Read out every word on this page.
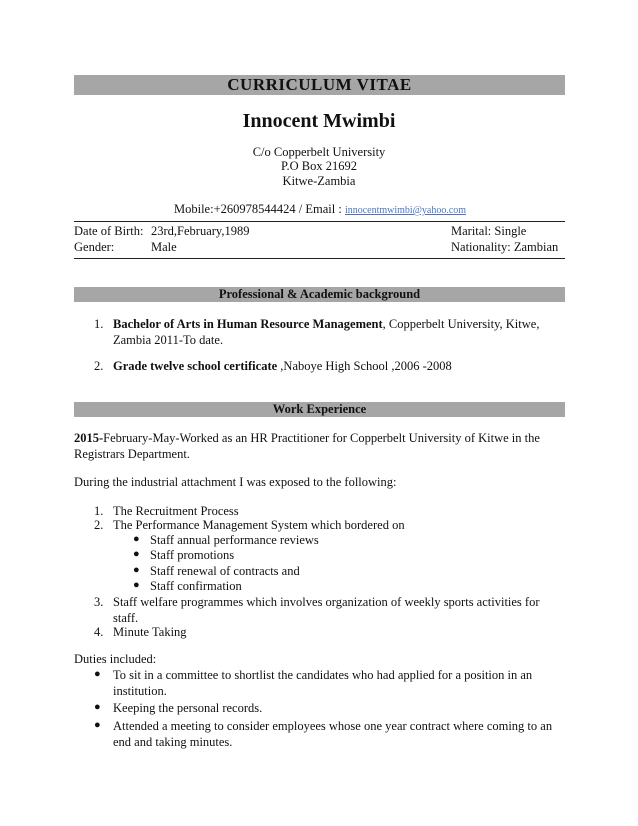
CURRICULUM VITAE
Innocent Mwimbi
C/o Copperbelt University
P.O Box 21692
Kitwe-Zambia
Mobile:+260978544424 / Email : innocentmwimbi@yahoo.com
Date of Birth: 23rd,February,1989	Marital: Single
Gender:	Male	Nationality: Zambian
Professional & Academic background
1. Bachelor of Arts in Human Resource Management, Copperbelt University, Kitwe,
Zambia 2011-To date.
2. Grade twelve school certificate ,Naboye High School ,2006 -2008
Work Experience
2015-February-May-Worked as an HR Practitioner for Copperbelt University of Kitwe in the
Registrars Department.
During the industrial attachment I was exposed to the following:
1. The Recruitment Process
2. The Performance Management System which bordered on
● Staff annual performance reviews
● Staff promotions
● Staff renewal of contracts and
● Staff confirmation
3. Staff welfare programmes which involves organization of weekly sports activities for
staff.
4. Minute Taking
Duties included:
● To sit in a committee to shortlist the candidates who had applied for a position in an
institution.
● Keeping the personal records.
● Attended a meeting to consider employees whose one year contract where coming to an
end and taking minutes.
